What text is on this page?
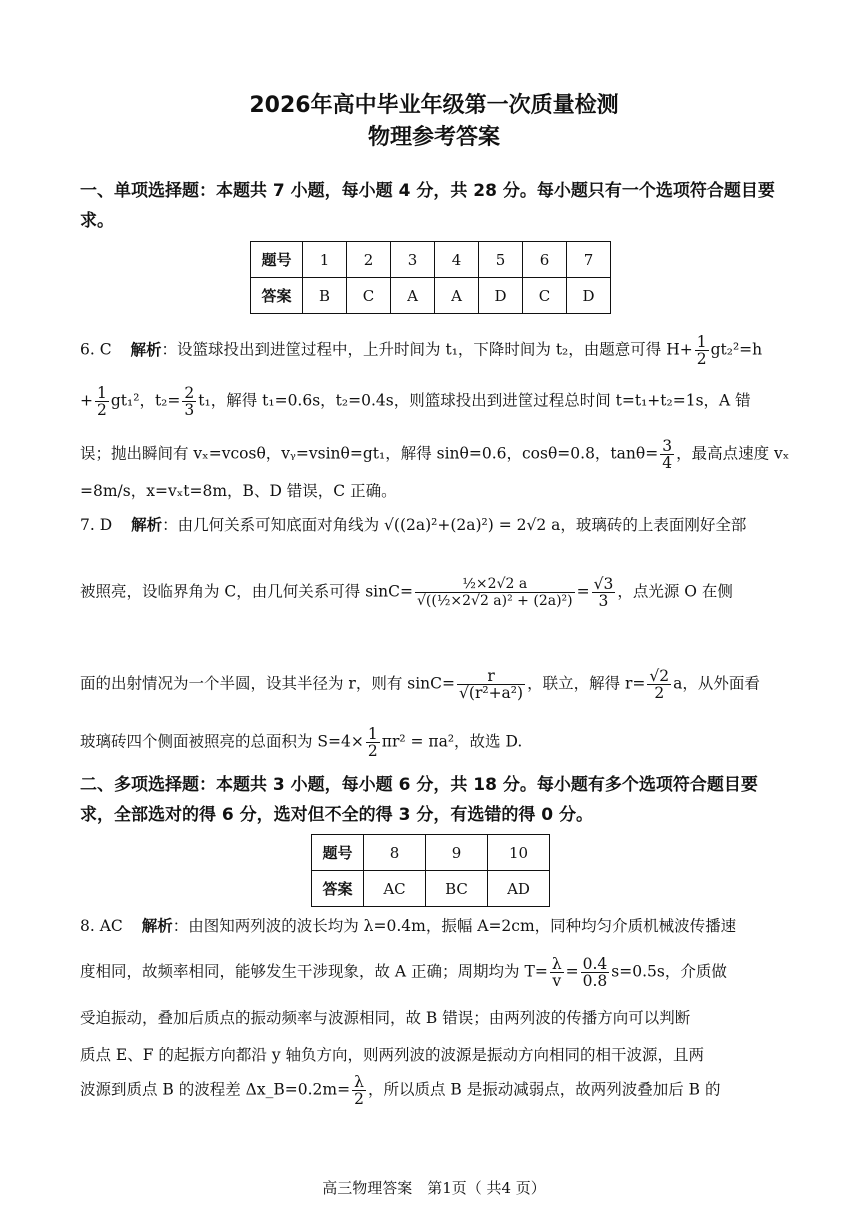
2026年高中毕业年级第一次质量检测
物理参考答案
一、单项选择题：本题共 7 小题，每小题 4 分，共 28 分。每小题只有一个选项符合题目要求。
题号	1	2	3	4	5	6	7
答案	B	C	A	A	D	C	D
6. C 解析：设篮球投出到进筐过程中，上升时间为 t₁，下降时间为 t₂，由题意可得 $H+ \frac{1}{2} gt_2^2=h$
+ $\frac{1}{2} gt_1^2$，$t_2= \frac{2}{3} t_1$，解得 t₁=0.6s，t₂=0.4s，则篮球投出到进筐过程总时间 t=t₁+t₂=1s，A 错
误；抛出瞬间有 vₓ=vcosθ，vᵧ=vsinθ=gt₁，解得 sinθ=0.6，cosθ=0.8，$\tan\theta= \frac{3}{4}$ ，最高点速度 vₓ
=8m/s，x=vₓt=8m，B、D 错误，C 正确。
7. D 解析：由几何关系可知底面对角线为 √((2a)²+(2a)²) = 2√2 a，玻璃砖的上表面刚好全部
被照亮，设临界角为 C，由几何关系可得 $\sin C= \frac{\text{½×2√2 a}}{\text{√((½×2√2 a)² + (2a)²)}} = \frac{√3}{3}$ ，点光源 O 在侧
面的出射情况为一个半圆，设其半径为 r，则有 $\sin C= \frac{r}{\text{√(r²+a²)}}$ ，联立，解得 $r= \frac{√2}{2}$ a，从外面看
玻璃砖四个侧面被照亮的总面积为 $S=4\times \frac{1}{2} \pi r^2 = \pi a^2$，故选 D.
二、多项选择题：本题共 3 小题，每小题 6 分，共 18 分。每小题有多个选项符合题目要求，全部选对的得 6 分，选对但不全的得 3 分，有选错的得 0 分。
题号	8	9	10
答案	AC	BC	AD
8. AC 解析：由图知两列波的波长均为 λ=0.4m，振幅 A=2cm，同种均匀介质机械波传播速
度相同，故频率相同，能够发生干涉现象，故 A 正确；周期均为 $T= \frac{\lambda}{v} = \frac{0.4}{0.8} s=0.5s$，介质做
受迫振动，叠加后质点的振动频率与波源相同，故 B 错误；由两列波的传播方向可以判断
质点 E、F 的起振方向都沿 y 轴负方向，则两列波的波源是振动方向相同的相干波源，且两
波源到质点 B 的波程差 Δx_B=0.2m= $\frac{\lambda}{2}$ ，所以质点 B 是振动减弱点，故两列波叠加后 B 的
高三物理答案　第1页（ 共4 页）
